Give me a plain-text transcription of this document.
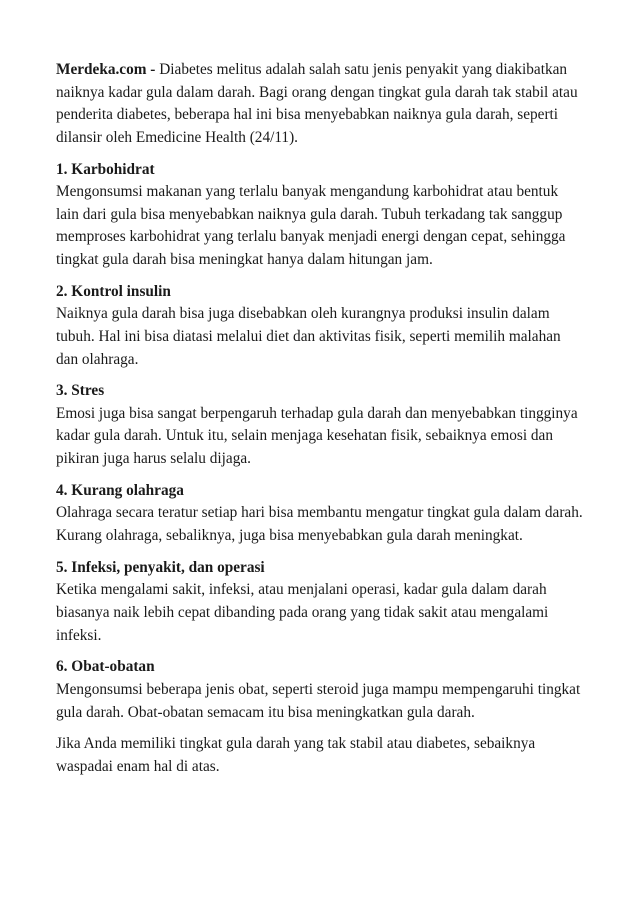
Merdeka.com - Diabetes melitus adalah salah satu jenis penyakit yang diakibatkan naiknya kadar gula dalam darah. Bagi orang dengan tingkat gula darah tak stabil atau penderita diabetes, beberapa hal ini bisa menyebabkan naiknya gula darah, seperti dilansir oleh Emedicine Health (24/11).

1. Karbohidrat
Mengonsumsi makanan yang terlalu banyak mengandung karbohidrat atau bentuk lain dari gula bisa menyebabkan naiknya gula darah. Tubuh terkadang tak sanggup memproses karbohidrat yang terlalu banyak menjadi energi dengan cepat, sehingga tingkat gula darah bisa meningkat hanya dalam hitungan jam.

2. Kontrol insulin
Naiknya gula darah bisa juga disebabkan oleh kurangnya produksi insulin dalam tubuh. Hal ini bisa diatasi melalui diet dan aktivitas fisik, seperti memilih malahan dan olahraga.

3. Stres
Emosi juga bisa sangat berpengaruh terhadap gula darah dan menyebabkan tingginya kadar gula darah. Untuk itu, selain menjaga kesehatan fisik, sebaiknya emosi dan pikiran juga harus selalu dijaga.

4. Kurang olahraga
Olahraga secara teratur setiap hari bisa membantu mengatur tingkat gula dalam darah. Kurang olahraga, sebaliknya, juga bisa menyebabkan gula darah meningkat.

5. Infeksi, penyakit, dan operasi
Ketika mengalami sakit, infeksi, atau menjalani operasi, kadar gula dalam darah biasanya naik lebih cepat dibanding pada orang yang tidak sakit atau mengalami infeksi.

6. Obat-obatan
Mengonsumsi beberapa jenis obat, seperti steroid juga mampu mempengaruhi tingkat gula darah. Obat-obatan semacam itu bisa meningkatkan gula darah.

Jika Anda memiliki tingkat gula darah yang tak stabil atau diabetes, sebaiknya waspadai enam hal di atas.
